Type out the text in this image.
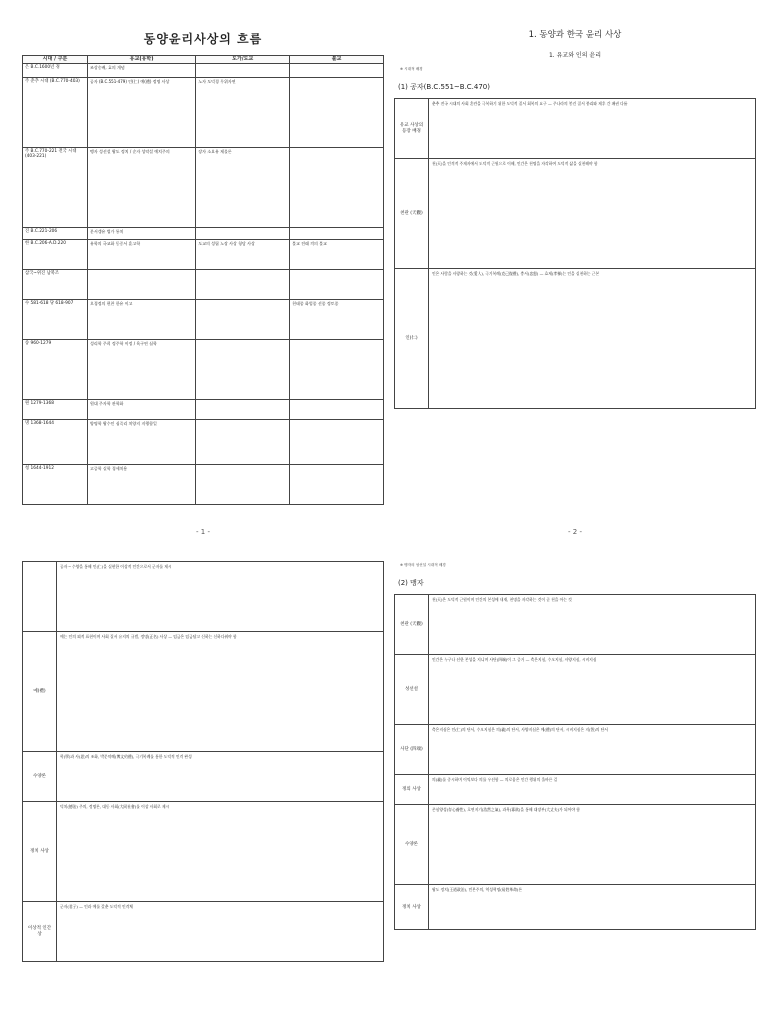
동양윤리사상의 흐름
시대 / 구분	유교(유학)	도가/도교	불교
은 B.C.1600년 경	조상숭배, 효의 개념		
주 춘추 시대 (B.C.770-403)	공자 (B.C.551-479) 인(仁) 예(禮) 정명 사상	노자 도덕경 무위자연	
주 B.C.770-221 전국 시대 (403-221)	맹자 성선설 왕도 정치 / 순자 성악설 예치주의	장자 소요유 제물론	
진 B.C.221-206	분서갱유 법가 통치		
한 B.C.206-A.D.220	유학의 국교화 동중서 훈고학	도교의 성립 노장 사상 청담 사상	불교 전래 격의 불교
삼국~위진 남북조			
수 581-618 당 618-907	오경정의 편찬 한유 이고		천태종 화엄종 선종 정토종
송 960-1279	성리학 주희 정주학 이정 / 육구연 심학		
원 1279-1368	원대 주자학 관학화		
명 1368-1644	양명학 왕수인 심즉리 치양지 지행합일		
청 1644-1912	고증학 실학 경세치용		
- 1 -
1. 동양과 한국 윤리 사상
1. 유교와 인의 윤리
※ 시대적 배경
(1) 공자(B.C.551~B.C.470)
유교 사상의 등장 배경	춘추 전국 시대의 사회 혼란을 극복하기 위한 도덕적 질서 회복의 요구 — 주나라의 봉건 질서 붕괴와 제후 간 패권 다툼
천관 (天觀)	천(天)을 인격적 주재자에서 도덕적 근원으로 이해, 인간은 천명을 자각하여 도덕적 삶을 실천해야 함
인(仁)	인은 사람을 사랑하는 것(愛人), 극기복례(克己復禮), 충서(忠恕) — 효제(孝悌)는 인을 실천하는 근본
- 2 -
	공자 ─ 수양을 통해 인(仁)을 실현한 이상적 인간으로서 군자를 제시
예(禮)	예는 인의 외적 표현이며 사회 질서 유지의 규범, 정명(正名) 사상 — 임금은 임금답고 신하는 신하다워야 함
수양론	학(學)과 사(思)의 조화, 박문약례(博文約禮), 극기복례를 통한 도덕적 인격 완성
정치 사상	덕치(德治) 주의, 정명론, 대동 사회(大同社會)를 이상 사회로 제시
이상적 인간상	군자(君子) — 인과 예를 갖춘 도덕적 인격체
※ 맹자의 성선설 시대적 배경
(2) 맹자
천관 (天觀)	천(天)은 도덕적 근원이며 인간의 본성에 내재, 천명을 자각하는 것이 곧 천을 아는 것
성선설	인간은 누구나 선한 본성을 지니며 사단(四端)이 그 증거 — 측은지심, 수오지심, 사양지심, 시비지심
사단 (四端)	측은지심은 인(仁)의 단서, 수오지심은 의(義)의 단서, 사양지심은 예(禮)의 단서, 시비지심은 지(智)의 단서
정의 사상	의(義)를 중시하며 이익보다 의를 우선함 — 의로움은 인간 행위의 올바른 길
수양론	존심양성(存心養性), 호연지기(浩然之氣), 과욕(寡欲)을 통해 대장부(大丈夫)가 되어야 함
정치 사상	왕도 정치(王道政治), 민본주의, 역성혁명(易姓革命)론
